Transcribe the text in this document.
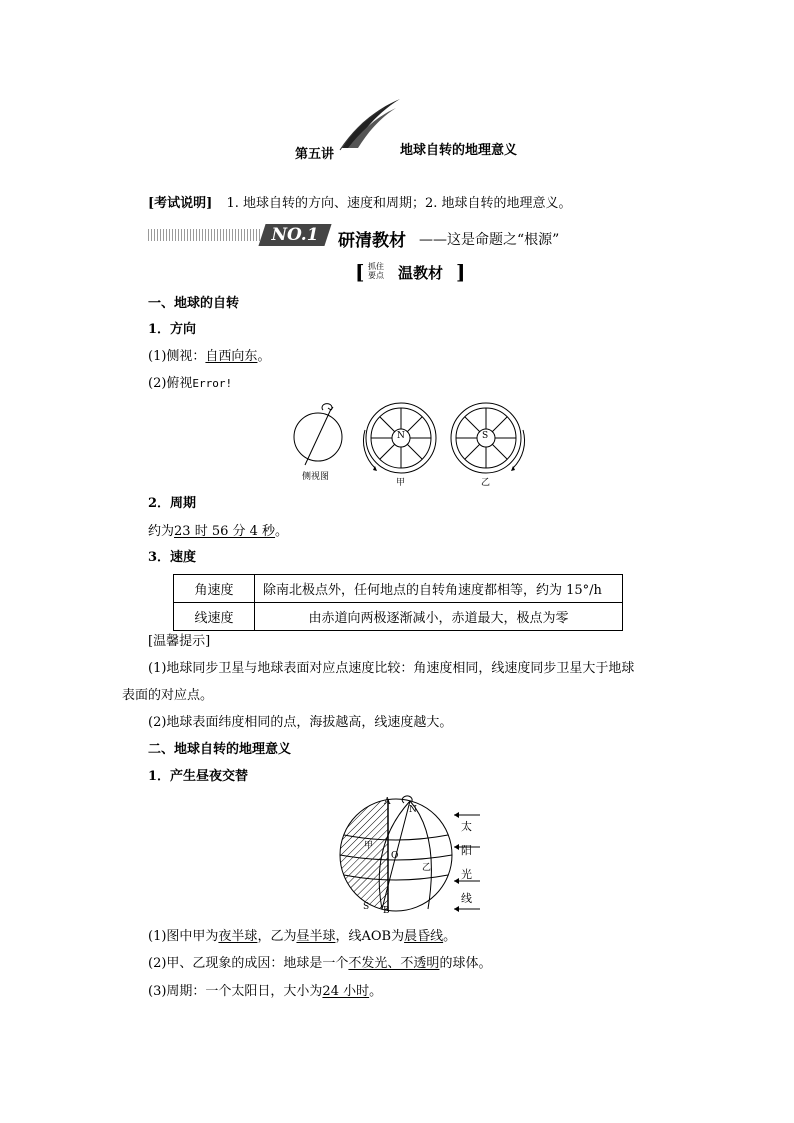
第五讲	地球自转的地理意义
[考试说明] 1. 地球自转的方向、速度和周期；2. 地球自转的地理意义。
NO.1	研清教材 ——这是命题之“根源”
[ 抓住
要点 温教材 ]
一、地球的自转
1．方向
(1)侧视：自西向东。
(2)俯视Error!
N	S
侧视图
甲	乙
2．周期
约为23 时 56 分 4 秒。
3．速度
角速度	除南北极点外，任何地点的自转角速度都相等，约为 15°/h
线速度	由赤道向两极逐渐减小，赤道最大，极点为零
[温馨提示]
(1)地球同步卫星与地球表面对应点速度比较：角速度相同，线速度同步卫星大于地球
表面的对应点。
(2)地球表面纬度相同的点，海拔越高，线速度越大。
二、地球自转的地理意义
1．产生昼夜交替
A
N
甲
O
乙
S B
太
阳
光
线
(1)图中甲为夜半球，乙为昼半球，线AOB为晨昏线。
(2)甲、乙现象的成因：地球是一个不发光、不透明的球体。
(3)周期：一个太阳日，大小为24 小时。
